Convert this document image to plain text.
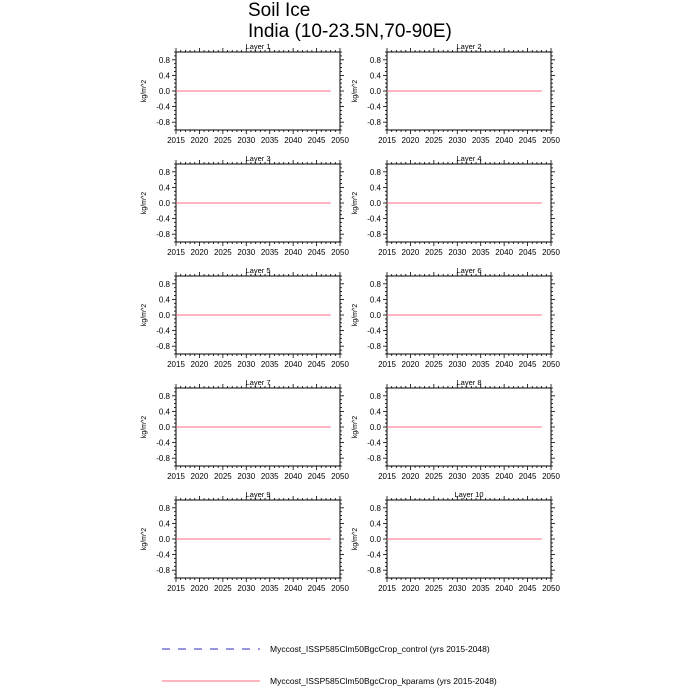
Soil Ice
India (10-23.5N,70-90E)
Layer 1
kg/m^2
2015 2020 2025 2030 2035 2040 2045 2050
0.8
0.4
0.0
-0.4
-0.8
Layer 2
kg/m^2
2015 2020 2025 2030 2035 2040 2045 2050
0.8
0.4
0.0
-0.4
-0.8
Layer 3
kg/m^2
2015 2020 2025 2030 2035 2040 2045 2050
0.8
0.4
0.0
-0.4
-0.8
Layer 4
kg/m^2
2015 2020 2025 2030 2035 2040 2045 2050
0.8
0.4
0.0
-0.4
-0.8
Layer 5
kg/m^2
2015 2020 2025 2030 2035 2040 2045 2050
0.8
0.4
0.0
-0.4
-0.8
Layer 6
kg/m^2
2015 2020 2025 2030 2035 2040 2045 2050
0.8
0.4
0.0
-0.4
-0.8
Layer 7
kg/m^2
2015 2020 2025 2030 2035 2040 2045 2050
0.8
0.4
0.0
-0.4
-0.8
Layer 8
kg/m^2
2015 2020 2025 2030 2035 2040 2045 2050
0.8
0.4
0.0
-0.4
-0.8
Layer 9
kg/m^2
2015 2020 2025 2030 2035 2040 2045 2050
0.8
0.4
0.0
-0.4
-0.8
Layer 10
kg/m^2
2015 2020 2025 2030 2035 2040 2045 2050
0.8
0.4
0.0
-0.4
-0.8
Myccost_ISSP585Clm50BgcCrop_control (yrs 2015-2048)
Myccost_ISSP585Clm50BgcCrop_kparams (yrs 2015-2048)
